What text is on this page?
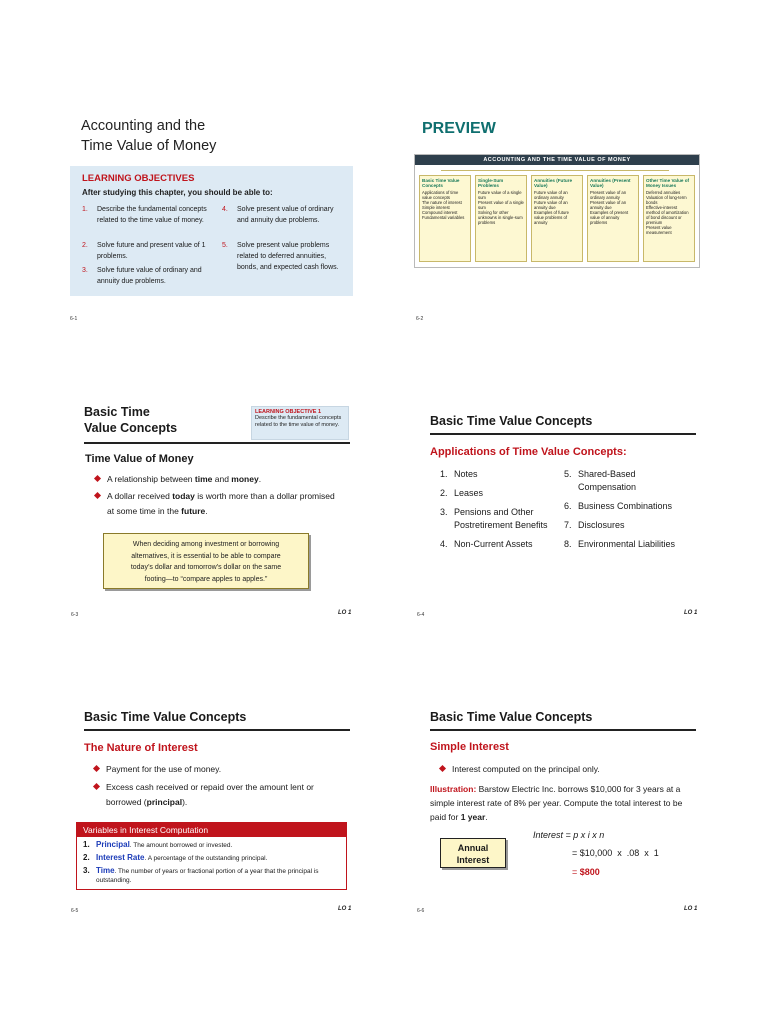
Accounting and the
Time Value of Money
LEARNING OBJECTIVES
After studying this chapter, you should be able to:
1. Describe the fundamental concepts related to the time value of money.
2. Solve future and present value of 1 problems.
3. Solve future value of ordinary and annuity due problems.
4. Solve present value of ordinary and annuity due problems.
5. Solve present value problems related to deferred annuities, bonds, and expected cash flows.
6-1
PREVIEW
ACCOUNTING AND THE TIME VALUE OF MONEY
Basic Time Value Concepts
Applications of time value concepts
The nature of interest
Simple interest
Compound interest
Fundamental variables
Single-Sum Problems
Future value of a single sum
Present value of a single sum
Solving for other unknowns in single-sum problems
Annuities (Future Value)
Future value of an ordinary annuity
Future value of an annuity due
Examples of future value problems of annuity
Annuities (Present Value)
Present value of an ordinary annuity
Present value of an annuity due
Examples of present value of annuity problems
Other Time Value of Money Issues
Deferred annuities
Valuation of long-term bonds
Effective-interest method of amortization of bond discount or premium
Present value measurement
6-2
Basic Time
Value Concepts
LEARNING OBJECTIVE 1
Describe the fundamental concepts related to the time value of money.
Time Value of Money
A relationship between time and money.
A dollar received today is worth more than a dollar promised at some time in the future.
When deciding among investment or borrowing
alternatives, it is essential to be able to compare
today’s dollar and tomorrow’s dollar on the same
footing—to “compare apples to apples.”
6-3	LO 1
Basic Time Value Concepts
Applications of Time Value Concepts:
1. Notes
2. Leases
3. Pensions and Other Postretirement Benefits
4. Non-Current Assets
5. Shared-Based Compensation
6. Business Combinations
7. Disclosures
8. Environmental Liabilities
6-4	LO 1
Basic Time Value Concepts
The Nature of Interest
Payment for the use of money.
Excess cash received or repaid over the amount lent or borrowed (principal).
Variables in Interest Computation
1. Principal. The amount borrowed or invested.
2. Interest Rate. A percentage of the outstanding principal.
3. Time. The number of years or fractional portion of a year that the principal is outstanding.
6-5	LO 1
Basic Time Value Concepts
Simple Interest
Interest computed on the principal only.
Illustration: Barstow Electric Inc. borrows $10,000 for 3 years at a simple interest rate of 8% per year. Compute the total interest to be paid for 1 year.
Annual
Interest
Interest = p x i x n
= $10,000  x  .08  x  1
= $800
6-6	LO 1
